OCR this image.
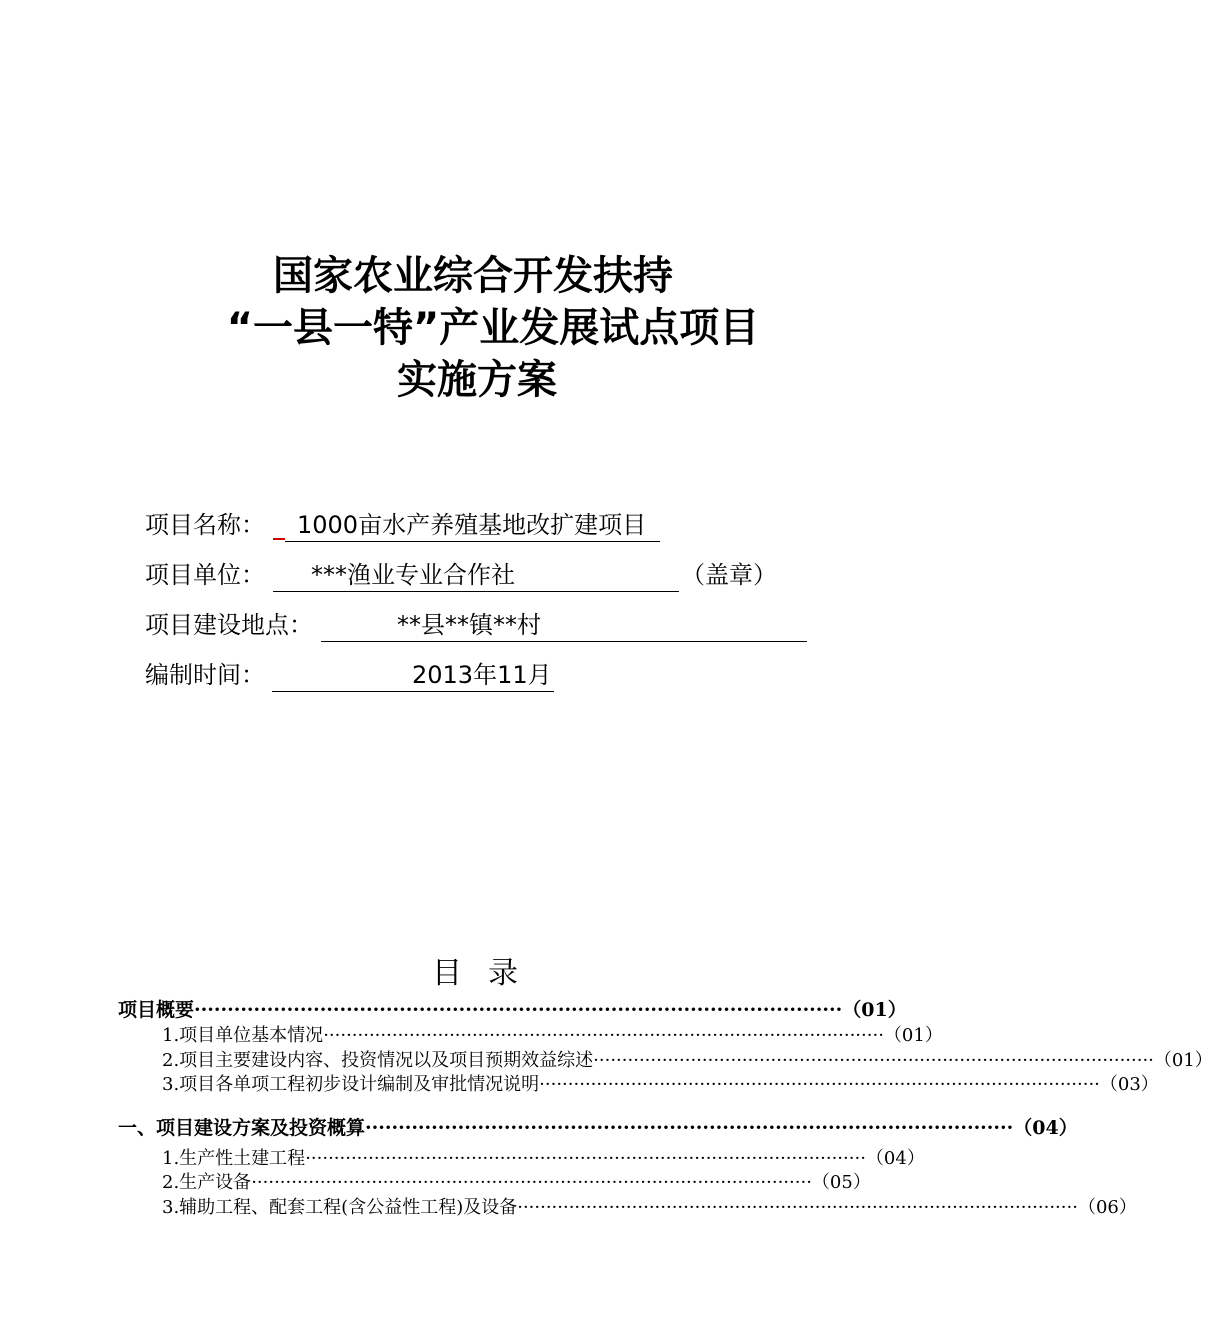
国家农业综合开发扶持
“一县一特”产业发展试点项目
实施方案
项目名称： 1000亩水产养殖基地改扩建项目
项目单位： ***渔业专业合作社	（盖章）
项目建设地点：	**县**镇**村
编制时间：	2013年11月
目录
项目概要 ·································································································· （01）
1.项目单位基本情况 ·································································································· （01）
2.项目主要建设内容、投资情况以及项目预期效益综述 ·································································································· （01）
3.项目各单项工程初步设计编制及审批情况说明 ·································································································· （03）
一、项目建设方案及投资概算 ·································································································· （04）
1.生产性土建工程 ·································································································· （04）
2.生产设备 ·································································································· （05）
3.辅助工程、配套工程(含公益性工程)及设备 ·································································································· （06）
